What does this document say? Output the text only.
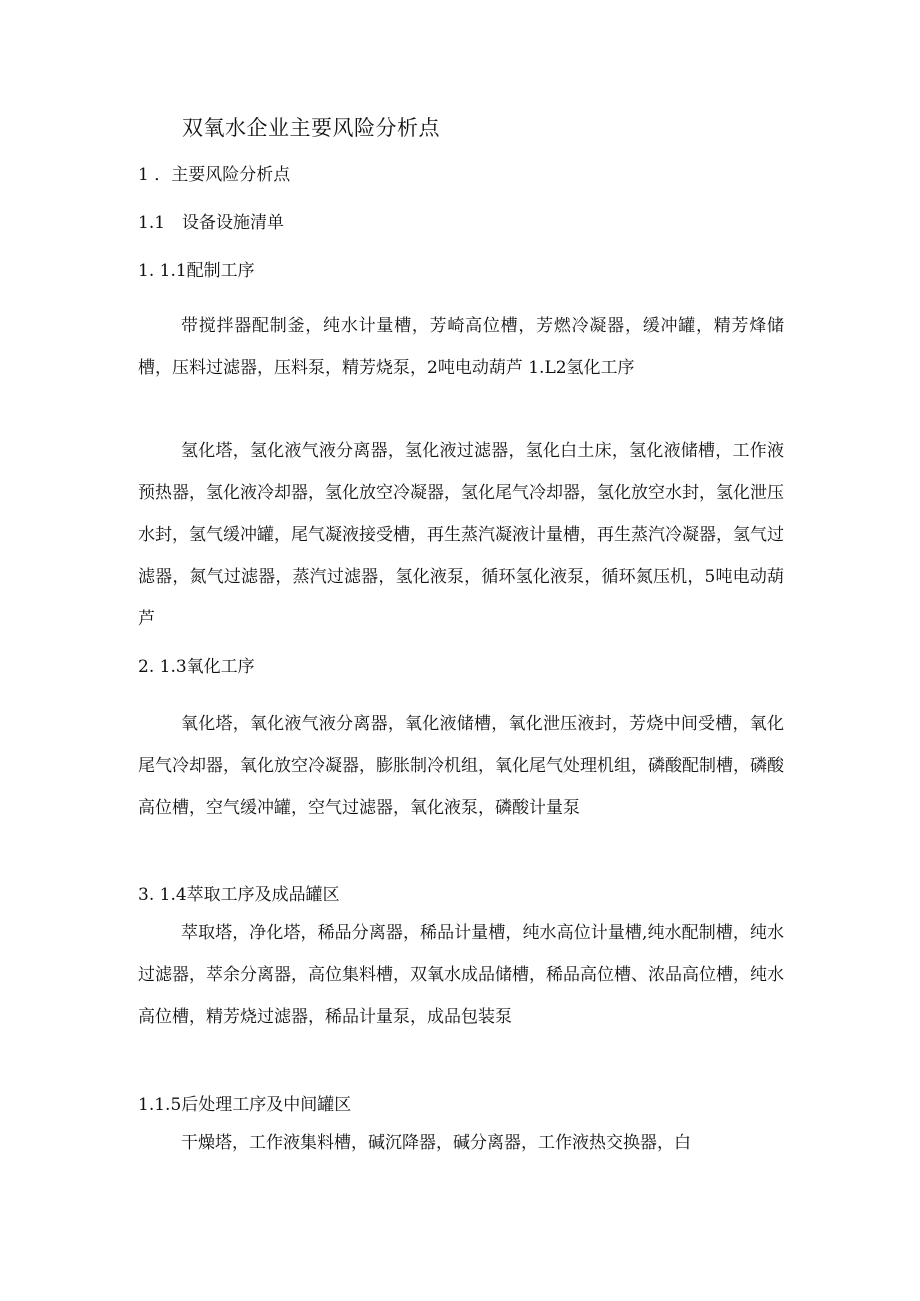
双氧水企业主要风险分析点
1 ．主要风险分析点
1.1　设备设施清单
1. 1.1配制工序
带搅拌器配制釜，纯水计量槽，芳崎高位槽，芳燃冷凝器，缓冲罐，精芳烽储槽，压料过滤器，压料泵，精芳烧泵，2吨电动葫芦 1.L2氢化工序
氢化塔，氢化液气液分离器，氢化液过滤器，氢化白土床，氢化液储槽，工作液预热器，氢化液冷却器，氢化放空冷凝器，氢化尾气冷却器，氢化放空水封，氢化泄压水封，氢气缓冲罐，尾气凝液接受槽，再生蒸汽凝液计量槽，再生蒸汽冷凝器，氢气过滤器，氮气过滤器，蒸汽过滤器，氢化液泵，循环氢化液泵，循环氮压机，5吨电动葫芦
2. 1.3氧化工序
氧化塔，氧化液气液分离器，氧化液储槽，氧化泄压液封，芳烧中间受槽，氧化尾气冷却器，氧化放空冷凝器，膨胀制冷机组，氧化尾气处理机组，磷酸配制槽，磷酸高位槽，空气缓冲罐，空气过滤器，氧化液泵，磷酸计量泵
3. 1.4萃取工序及成品罐区
萃取塔，净化塔，稀品分离器，稀品计量槽，纯水高位计量槽,纯水配制槽，纯水过滤器，萃余分离器，高位集料槽，双氧水成品储槽，稀品高位槽、浓品高位槽，纯水高位槽，精芳烧过滤器，稀品计量泵，成品包装泵
1.1.5后处理工序及中间罐区
干燥塔，工作液集料槽，碱沉降器，碱分离器，工作液热交换器，白
